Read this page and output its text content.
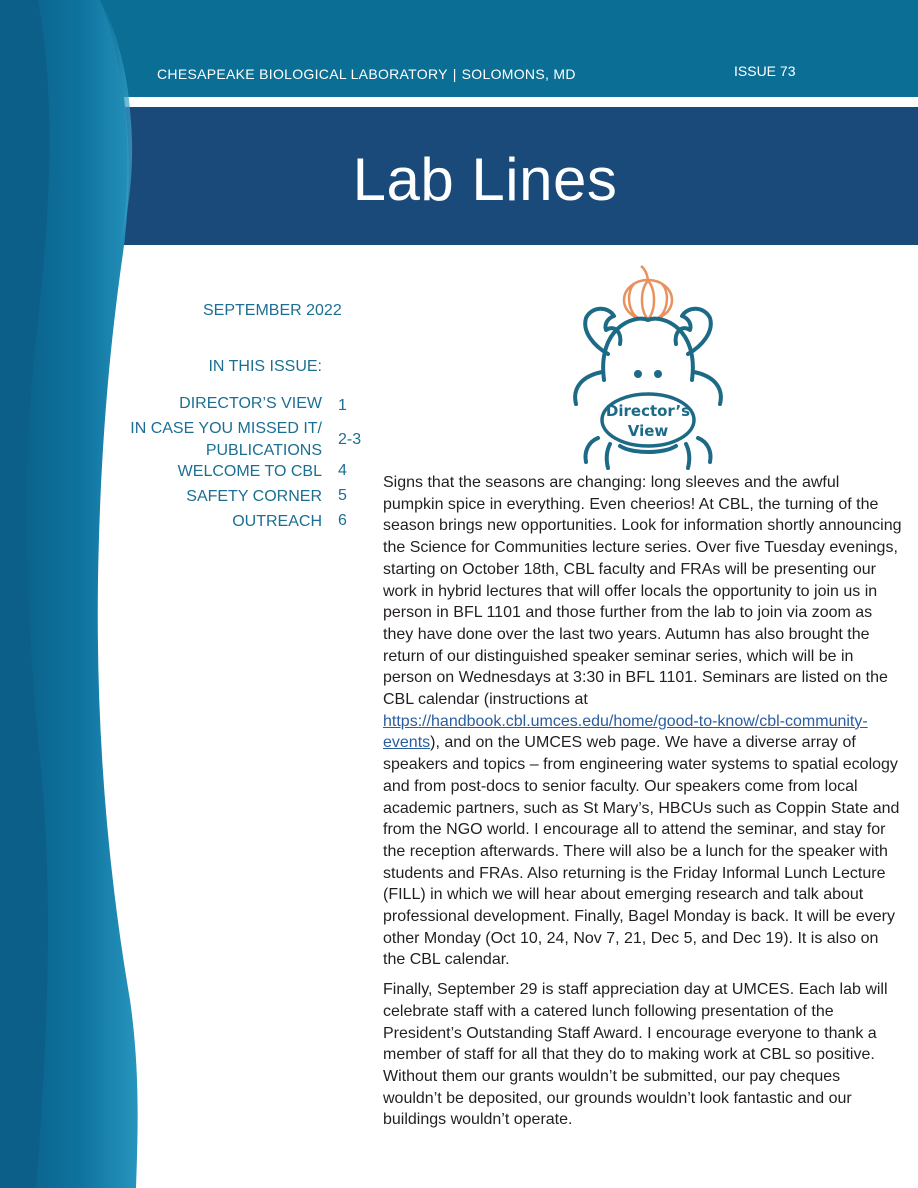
CHESAPEAKE BIOLOGICAL LABORATORY | SOLOMONS, MD	ISSUE 73
Lab Lines
SEPTEMBER 2022
IN THIS ISSUE:
DIRECTOR’S VIEW 1
IN CASE YOU MISSED IT/
PUBLICATIONS
2-3
WELCOME TO CBL 4
SAFETY CORNER 5
OUTREACH 6
Director’s
View

Signs that the seasons are changing: long sleeves and the awful pumpkin spice in everything. Even cheerios! At CBL, the turning of the season brings new opportunities. Look for information shortly announcing the Science for Communities lecture series. Over five Tuesday evenings, starting on October 18th, CBL faculty and FRAs will be presenting our work in hybrid lectures that will offer locals the opportunity to join us in person in BFL 1101 and those further from the lab to join via zoom as they have done over the last two years. Autumn has also brought the return of our distinguished speaker seminar series, which will be in person on Wednesdays at 3:30 in BFL 1101. Seminars are listed on the CBL calendar (instructions at https://handbook.cbl.umces.edu/home/good-to-know/cbl-community-events), and on the UMCES web page. We have a diverse array of speakers and topics – from engineering water systems to spatial ecology and from post-docs to senior faculty. Our speakers come from local academic partners, such as St Mary’s, HBCUs such as Coppin State and from the NGO world. I encourage all to attend the seminar, and stay for the reception afterwards. There will also be a lunch for the speaker with students and FRAs. Also returning is the Friday Informal Lunch Lecture (FILL) in which we will hear about emerging research and talk about professional development. Finally, Bagel Monday is back. It will be every other Monday (Oct 10, 24, Nov 7, 21, Dec 5, and Dec 19). It is also on the CBL calendar.

Finally, September 29 is staff appreciation day at UMCES. Each lab will celebrate staff with a catered lunch following presentation of the President’s Outstanding Staff Award. I encourage everyone to thank a member of staff for all that they do to making work at CBL so positive. Without them our grants wouldn’t be submitted, our pay cheques wouldn’t be deposited, our grounds wouldn’t look fantastic and our buildings wouldn’t operate.
